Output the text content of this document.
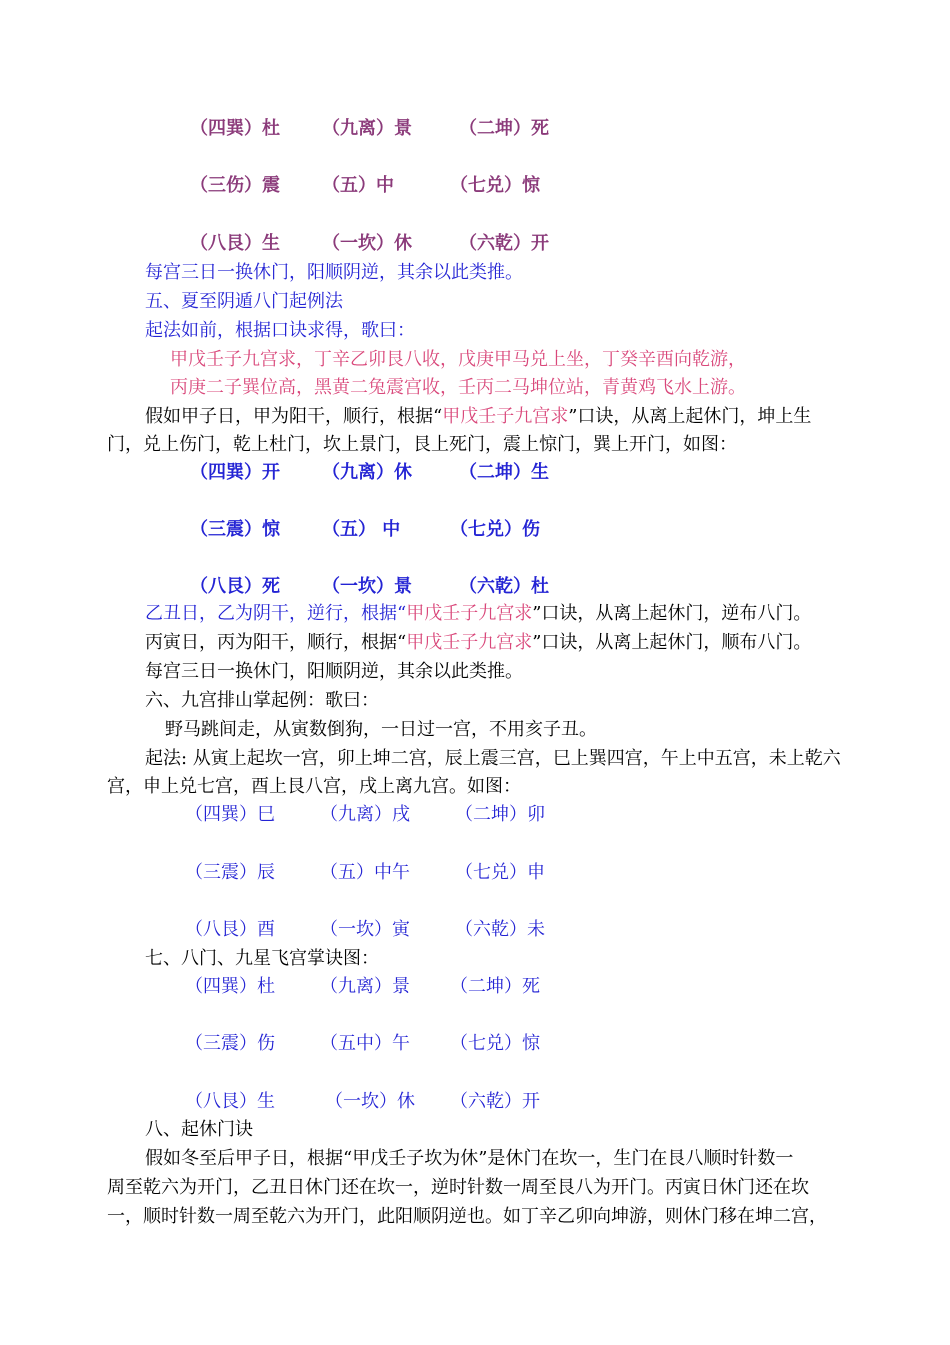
（四巽）杜 （九离）景	（二坤）死
（三伤）震 （五）中	（七兑）惊
（八艮）生 （一坎）休	（六乾）开
每宫三日一换休门，阳顺阴逆，其余以此类推。
五、夏至阴遁八门起例法
起法如前，根据口诀求得，歌曰：
甲戊壬子九宫求，丁辛乙卯艮八收，戊庚甲马兑上坐，丁癸辛酉向乾游，
丙庚二子巽位高，黑黄二兔震宫收，壬丙二马坤位站，青黄鸡飞水上游。
假如甲子日，甲为阳干，顺行，根据“甲戊壬子九宫求”口诀，从离上起休门，坤上生
门，兑上伤门，乾上杜门，坎上景门，艮上死门，震上惊门，巽上开门，如图：
（四巽）开 （九离）休	（二坤）生
（三震）惊 （五） 中	（七兑）伤
（八艮）死 （一坎）景	（六乾）杜
乙丑日，乙为阴干，逆行，根据“甲戊壬子九宫求”口诀，从离上起休门，逆布八门。
丙寅日，丙为阳干，顺行，根据“甲戊壬子九宫求”口诀，从离上起休门，顺布八门。
每宫三日一换休门，阳顺阴逆，其余以此类推。
六、九宫排山掌起例：歌曰：
野马跳间走，从寅数倒狗，一日过一宫，不用亥子丑。
起法: 从寅上起坎一宫，卯上坤二宫，辰上震三宫，巳上巽四宫，午上中五宫，未上乾六
宫，申上兑七宫，酉上艮八宫，戌上离九宫。如图：
（四巽）巳	（九离）戌	（二坤）卯
（三震）辰	（五）中午	（七兑）申
（八艮）酉	（一坎）寅	（六乾）未
七、八门、九星飞宫掌诀图：
（四巽）杜	（九离）景 （二坤）死
（三震）伤	（五中）午 （七兑）惊
（八艮）生	（一坎）休 （六乾）开
八、起休门诀
假如冬至后甲子日，根据“甲戊壬子坎为休”是休门在坎一，生门在艮八顺时针数一
周至乾六为开门，乙丑日休门还在坎一，逆时针数一周至艮八为开门。丙寅日休门还在坎
一，顺时针数一周至乾六为开门，此阳顺阴逆也。如丁辛乙卯向坤游，则休门移在坤二宫，
